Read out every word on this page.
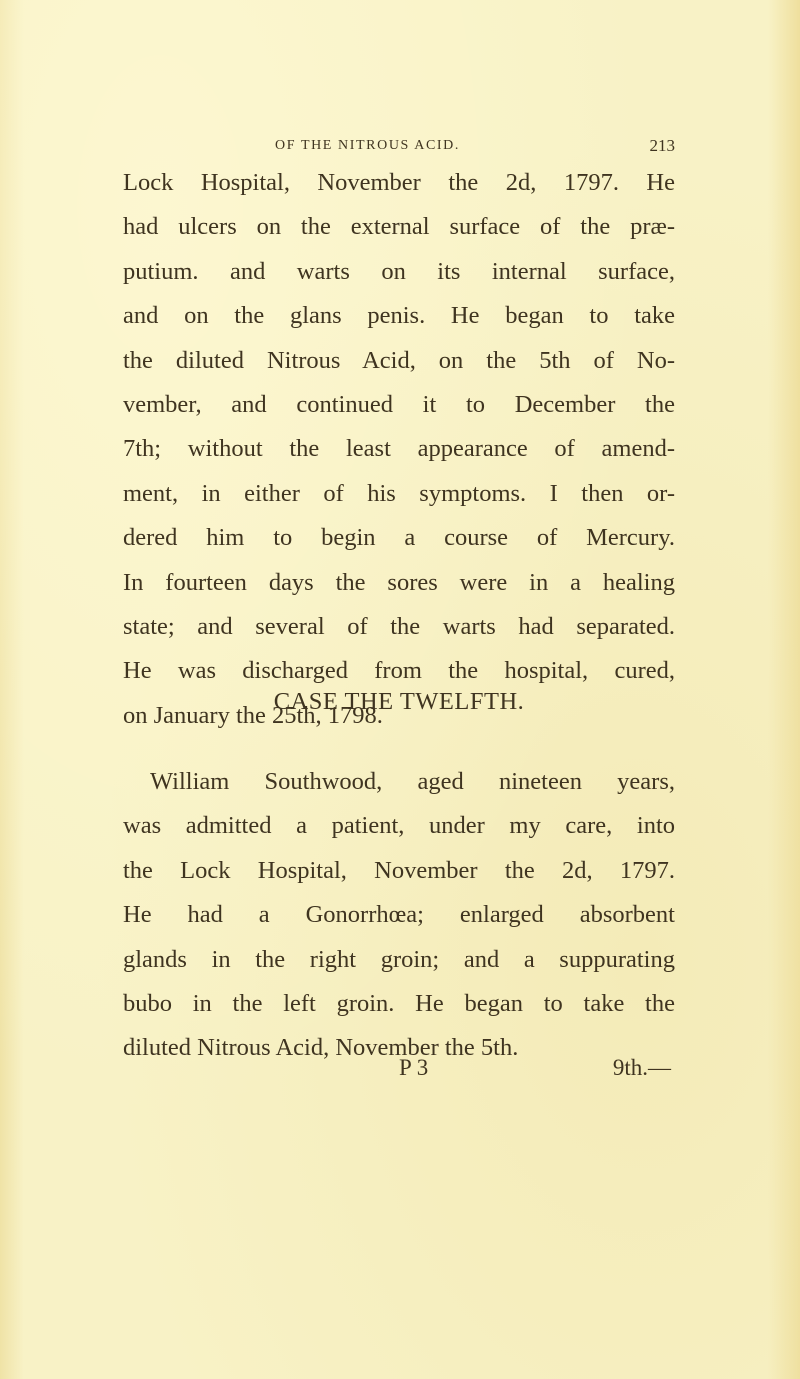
OF THE NITROUS ACID.	213
Lock Hospital, November the 2d, 1797. He
had ulcers on the external surface of the præ-
putium. and warts on its internal surface,
and on the glans penis. He began to take
the diluted Nitrous Acid, on the 5th of No-
vember, and continued it to December the
7th; without the least appearance of amend-
ment, in either of his symptoms. I then or-
dered him to begin a course of Mercury.
In fourteen days the sores were in a healing
state; and several of the warts had separated.
He was discharged from the hospital, cured,
on January the 25th, 1798.
CASE THE TWELFTH.
William Southwood, aged nineteen years,
was admitted a patient, under my care, into
the Lock Hospital, November the 2d, 1797.
He had a Gonorrhœa; enlarged absorbent
glands in the right groin; and a suppurating
bubo in the left groin. He began to take the
diluted Nitrous Acid, November the 5th.
P 3	9th.—
